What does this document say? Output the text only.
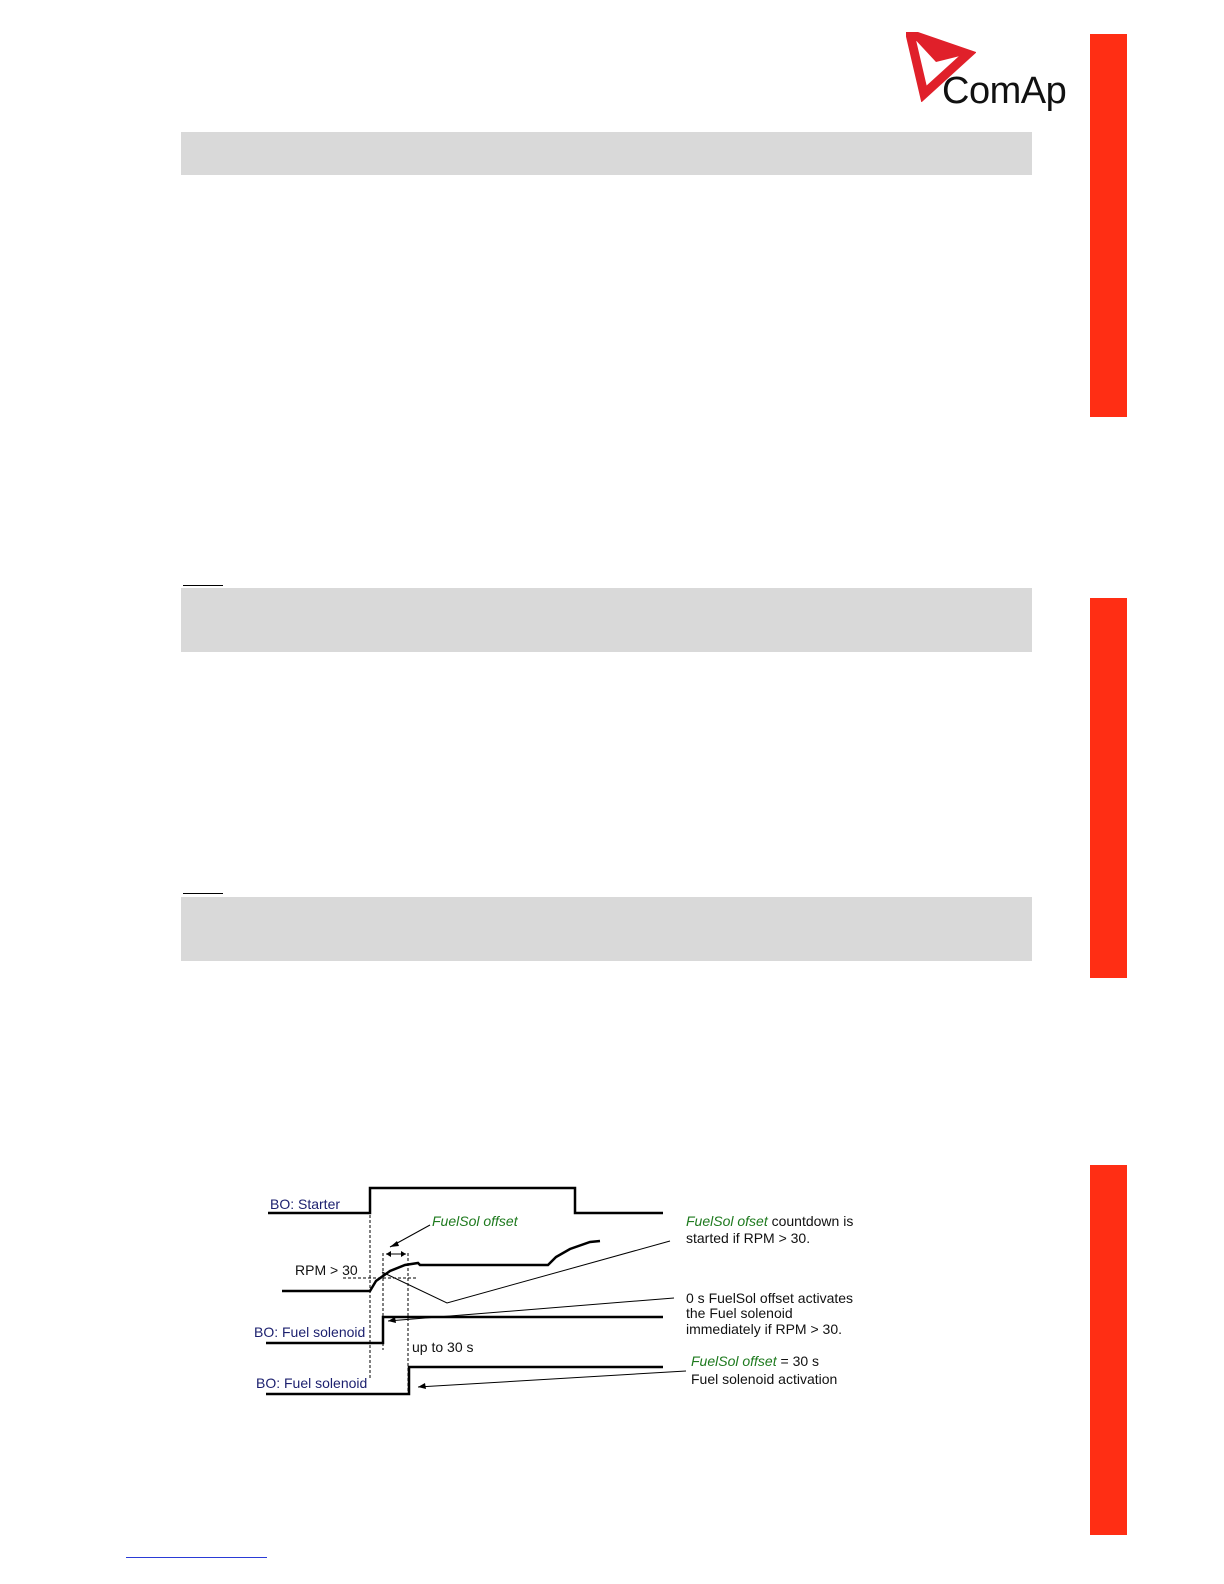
ComAp
BO: Starter
RPM > 30
BO: Fuel solenoid
BO: Fuel solenoid
FuelSol offset
up to 30 s
FuelSol ofset countdown is
started if RPM > 30.
0 s FuelSol offset activates
the Fuel solenoid
immediately if RPM > 30.
FuelSol offset = 30 s
Fuel solenoid activation
